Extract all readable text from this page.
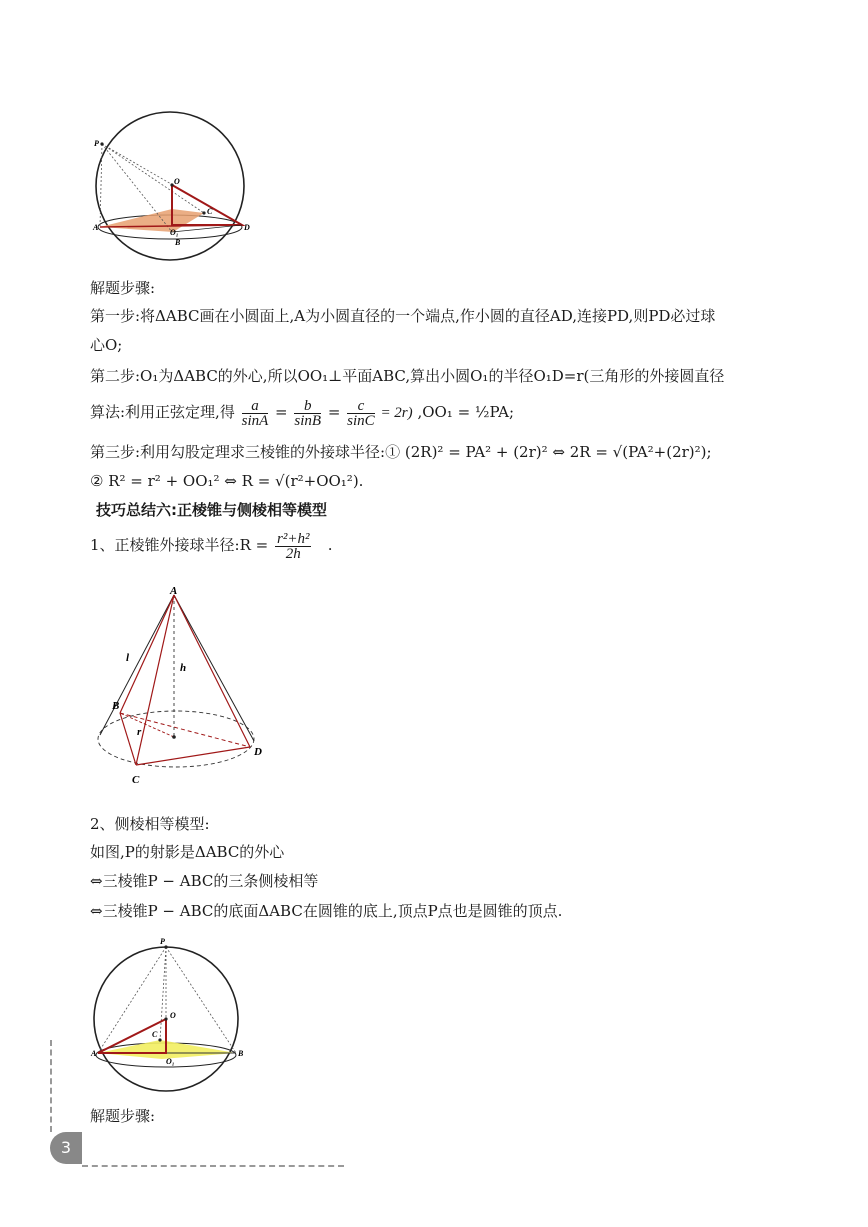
P
O
C
A
O₁
B
D
解题步骤:
第一步:将ΔABC画在小圆面上,A为小圆直径的一个端点,作小圆的直径AD,连接PD,则PD必过球
心O;
第二步:O₁为ΔABC的外心,所以OO₁⊥平面ABC,算出小圆O₁的半径O₁D=r(三角形的外接圆直径
算法:利用正弦定理,得 $\frac{a}{\sin A} = \frac{b}{\sin B} = \frac{c}{\sin C} = 2r$) ,OO₁ = ½PA;
第三步:利用勾股定理求三棱锥的外接球半径:① (2R)² = PA² + (2r)² ⇔ 2R = √(PA²+(2r)²);
② R² = r² + OO₁² ⇔ R = √(r²+OO₁²).
技巧总结六:正棱锥与侧棱相等模型
1、正棱锥外接球半径:R = $\frac{\text{r²+h²}}{2h}$ .
A
l
h
B
r
D
C
2、侧棱相等模型:
如图,P的射影是ΔABC的外心
⇔三棱锥P − ABC的三条侧棱相等
⇔三棱锥P − ABC的底面ΔABC在圆锥的底上,顶点P点也是圆锥的顶点.
P
O
C
A
O₁
B
解题步骤:
3
